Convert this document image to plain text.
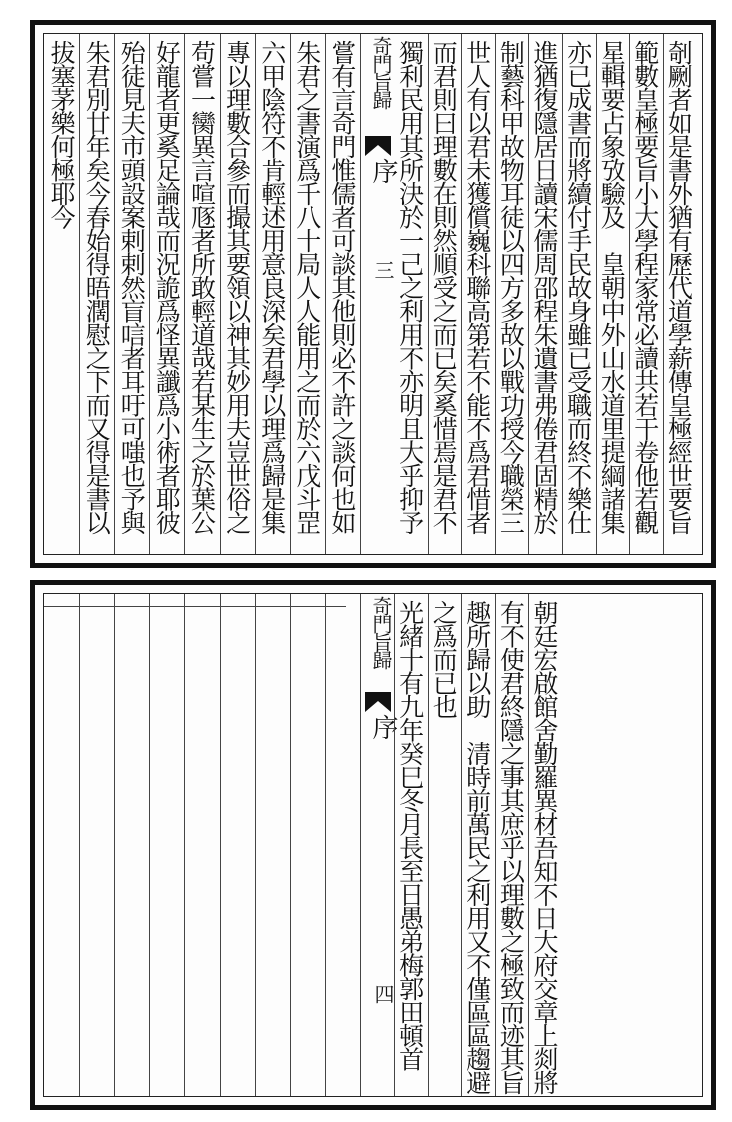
嘗有言奇門惟儒者可談其他則必不許之談何也如
朱君之書演爲千八十局人人能用之而於六戊斗罡
六甲陰符不肯輕述用意良深矣君學以理爲歸是集
專以理數合參而撮其要領以神其妙用夫豈世俗之
苟嘗一臠異言喧豗者所敢輕道哉若某生之於葉公
好龍者更奚足論哉而況詭爲怪異讖爲小術者耶彼
殆徒見夫市頭設案剌剌然盲唁者耳吁可嗤也予與
朱君別廿年矣今春始得晤濶慰之下而又得是書以
拔塞茅樂何極耶今	奇門旨歸
序
三	剞劂者如是書外猶有歷代道學薪傳皇極經世要旨
範數皇極要旨小大學程家常必讀共若干卷他若觀
星輯要占象攷驗及　皇朝中外山水道里提綱諸集
亦已成書而將續付手民故身雖已受職而終不樂仕
進猶復隱居日讀宋儒周邵程朱遺書弗倦君固精於
制藝科甲故物耳徒以四方多故以戰功授今職榮三
世人有以君未獲償巍科聯高第若不能不爲君惜者
而君則曰理數在則然順受之而已矣奚惜焉是君不
獨利民用其所決於一己之利用不亦明且大乎抑予
奇門旨歸
序
四	朝廷宏啟館舍勤羅異材吾知不日大府交章上剡將
有不使君終隱之事其庶乎以理數之極致而迹其旨
趣所歸以助　清時前萬民之利用又不僅區區趨避
之爲而已也
光緒十有九年癸巳冬月長至日愚弟梅郭田頓首
